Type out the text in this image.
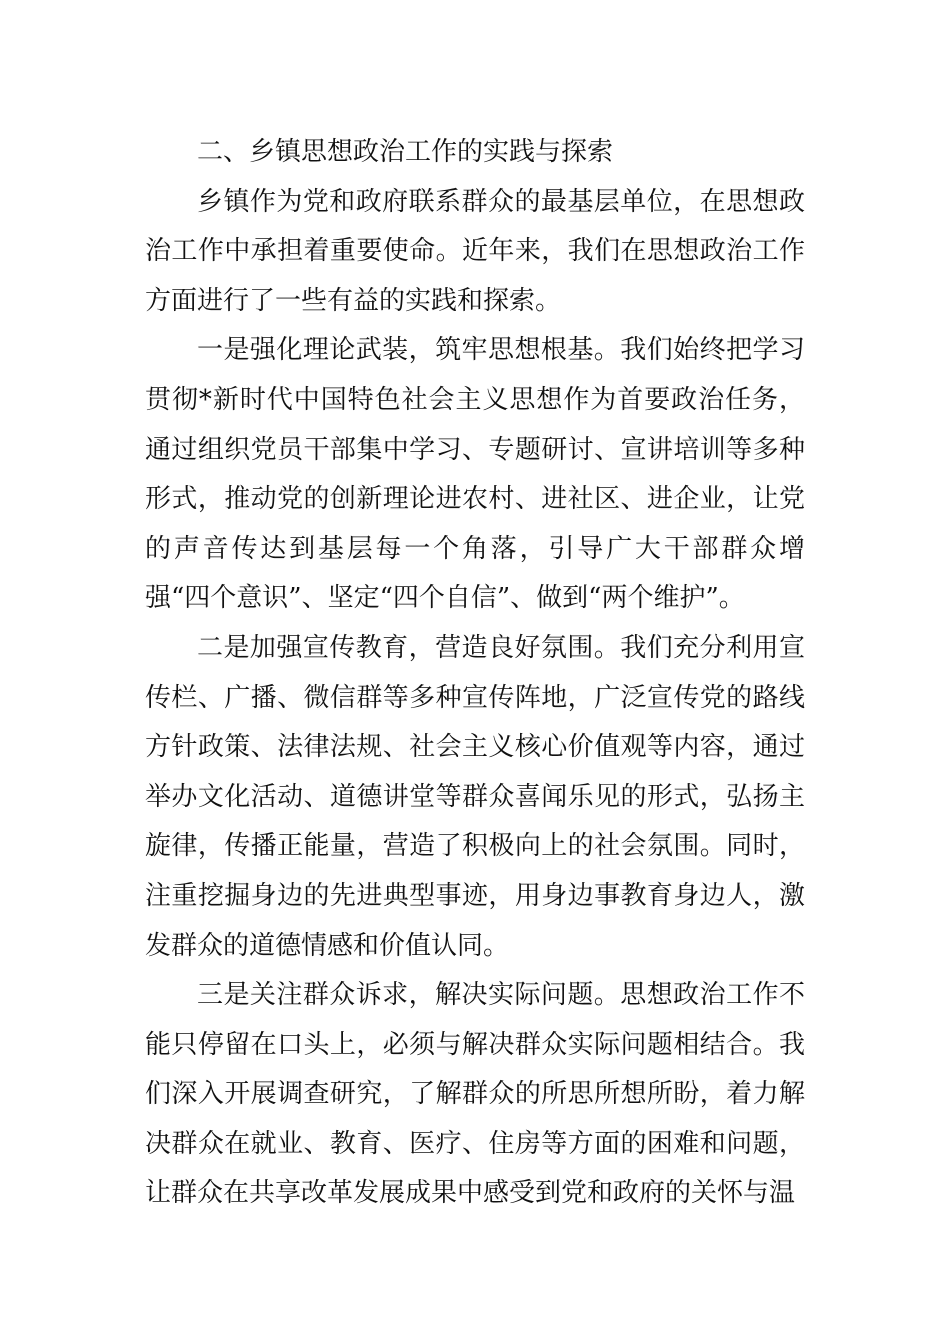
二、乡镇思想政治工作的实践与探索

乡镇作为党和政府联系群众的最基层单位，在思想政治工作中承担着重要使命。近年来，我们在思想政治工作方面进行了一些有益的实践和探索。

一是强化理论武装，筑牢思想根基。我们始终把学习贯彻*新时代中国特色社会主义思想作为首要政治任务，通过组织党员干部集中学习、专题研讨、宣讲培训等多种形式，推动党的创新理论进农村、进社区、进企业，让党的声音传达到基层每一个角落，引导广大干部群众增强“四个意识”、坚定“四个自信”、做到“两个维护”。

二是加强宣传教育，营造良好氛围。我们充分利用宣传栏、广播、微信群等多种宣传阵地，广泛宣传党的路线方针政策、法律法规、社会主义核心价值观等内容，通过举办文化活动、道德讲堂等群众喜闻乐见的形式，弘扬主旋律，传播正能量，营造了积极向上的社会氛围。同时，注重挖掘身边的先进典型事迹，用身边事教育身边人，激发群众的道德情感和价值认同。

三是关注群众诉求，解决实际问题。思想政治工作不能只停留在口头上，必须与解决群众实际问题相结合。我们深入开展调查研究，了解群众的所思所想所盼，着力解决群众在就业、教育、医疗、住房等方面的困难和问题，让群众在共享改革发展成果中感受到党和政府的关怀与温
